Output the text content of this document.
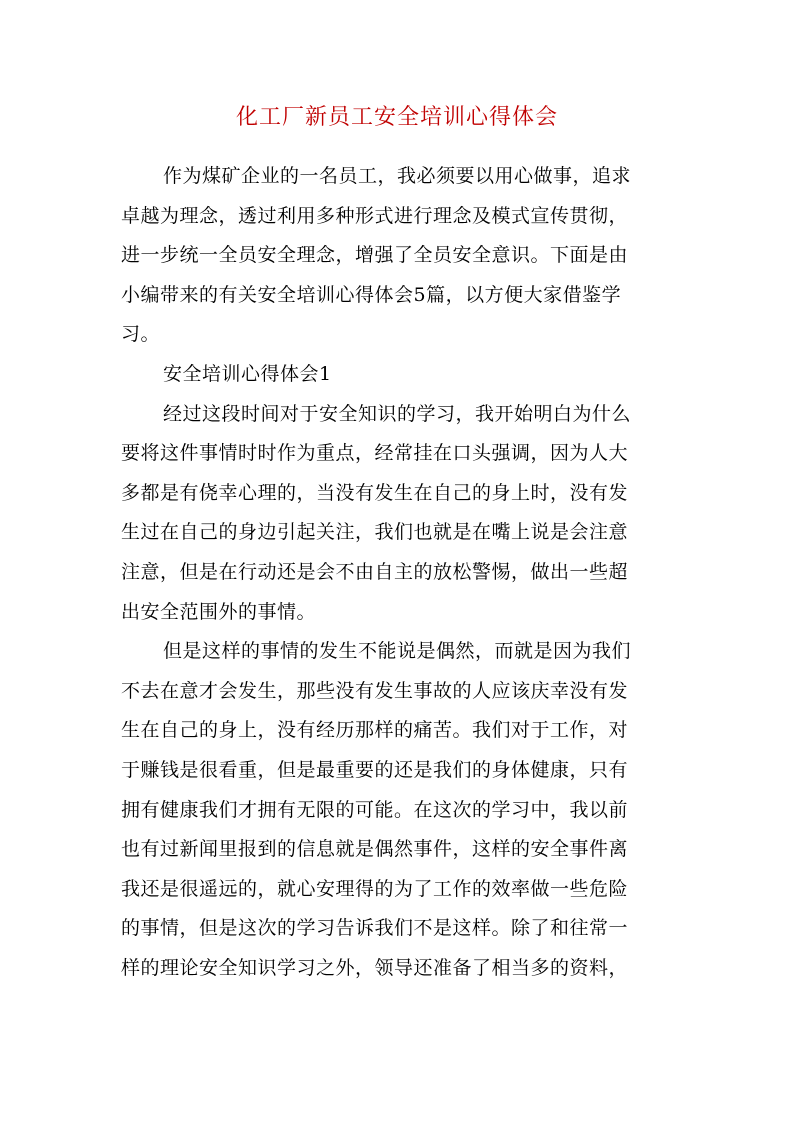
化工厂新员工安全培训心得体会

作为煤矿企业的一名员工，我必须要以用心做事，追求
卓越为理念，透过利用多种形式进行理念及模式宣传贯彻，
进一步统一全员安全理念，增强了全员安全意识。下面是由
小编带来的有关安全培训心得体会5篇，以方便大家借鉴学
习。

安全培训心得体会1

经过这段时间对于安全知识的学习，我开始明白为什么
要将这件事情时时作为重点，经常挂在口头强调，因为人大
多都是有侥幸心理的，当没有发生在自己的身上时，没有发
生过在自己的身边引起关注，我们也就是在嘴上说是会注意
注意，但是在行动还是会不由自主的放松警惕，做出一些超
出安全范围外的事情。

但是这样的事情的发生不能说是偶然，而就是因为我们
不去在意才会发生，那些没有发生事故的人应该庆幸没有发
生在自己的身上，没有经历那样的痛苦。我们对于工作，对
于赚钱是很看重，但是最重要的还是我们的身体健康，只有
拥有健康我们才拥有无限的可能。在这次的学习中，我以前
也有过新闻里报到的信息就是偶然事件，这样的安全事件离
我还是很遥远的，就心安理得的为了工作的效率做一些危险
的事情，但是这次的学习告诉我们不是这样。除了和往常一
样的理论安全知识学习之外，领导还准备了相当多的资料，
